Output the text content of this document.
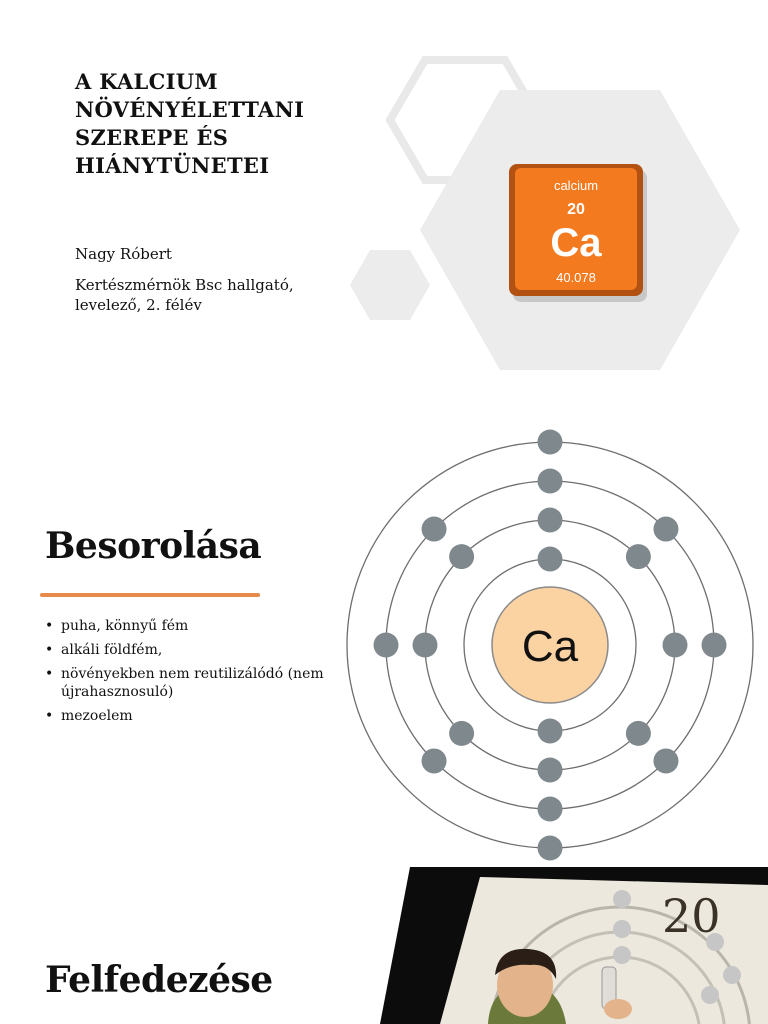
calcium
20
Ca
40.078
A KALCIUM
NÖVÉNYÉLETTANI
SZEREPE ÉS
HIÁNYTÜNETEI

Nagy Róbert

Kertészmérnök Bsc hallgató,
levelező, 2. félév

Besorolása
• puha, könnyű fém
• alkáli földfém,
• növényekben nem reutilizálódó (nem újrahasznosuló)
• mezoelem
Ca
Felfedezése

20
